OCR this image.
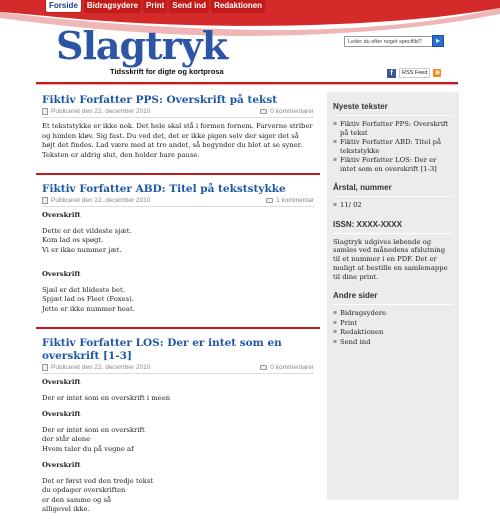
Forside	Bidragsydere	Print	Send ind	Redaktionen
Slagtryk
Tidsskrift for digte og kortprosa
Leder du efter noget specifikt?
▸
f	RSS Feed	◉
Fiktiv Forfatter PPS: Overskrift på tekst
Publiceret den 22. december 2010	0 kommentarer

Et tekststykke er ikke nok. Det hele skal stå i formen fornem. Farverne striber og himlen kløv. Sig fast. Du ved det, det er ikke pigen selv der siger det så højt det findes. Lad være med at tro andet, så begynder du blot at se syner. Teksten er aldrig slut, den holder bare pause.

Fiktiv Forfatter ABD: Titel på tekststykke
Publiceret den 22. december 2010	1 kommentar
Overskrift

Dette er det vildeste sjæt.
Kom lad os spøgt.
Vi er ikke nummer jæt.

Overskrift

Sjæl er det blideste bet.
Spjæt lad os Fleet (Foxes).
Jette er ikke nummer heat.

Fiktiv Forfatter LOS: Der er intet som en overskrift [1-3]
Publiceret den 22. december 2010	0 kommentarer
Overskrift

Der er intet som en overskrift i meen

Overskrift

Der er intet som en overskrift
der står alene
Hvem taler du på vegne af

Overskrift

Det er først ved den tredje tekst
du opdager overskriften
er den samme og så
alligevel ikke.

Nyeste tekster
▪ Fiktiv Forfatter PPS: Overskrift på tekst
▪ Fiktiv Forfatter ABD: Titel på tekststykke
▪ Fiktiv Forfatter LOS: Der er intet som en overskrift [1-3]
Årstal, nummer
▪ 11/ 02
ISSN: XXXX-XXXX
Slagtryk udgives løbende og samles ved månedens afslutning til et nummer i en PDF. Det er muligt at bestille en samlemappe til dine print.
Andre sider
▪ Bidragsydere
▪ Print
▪ Redaktionen
▪ Send ind
